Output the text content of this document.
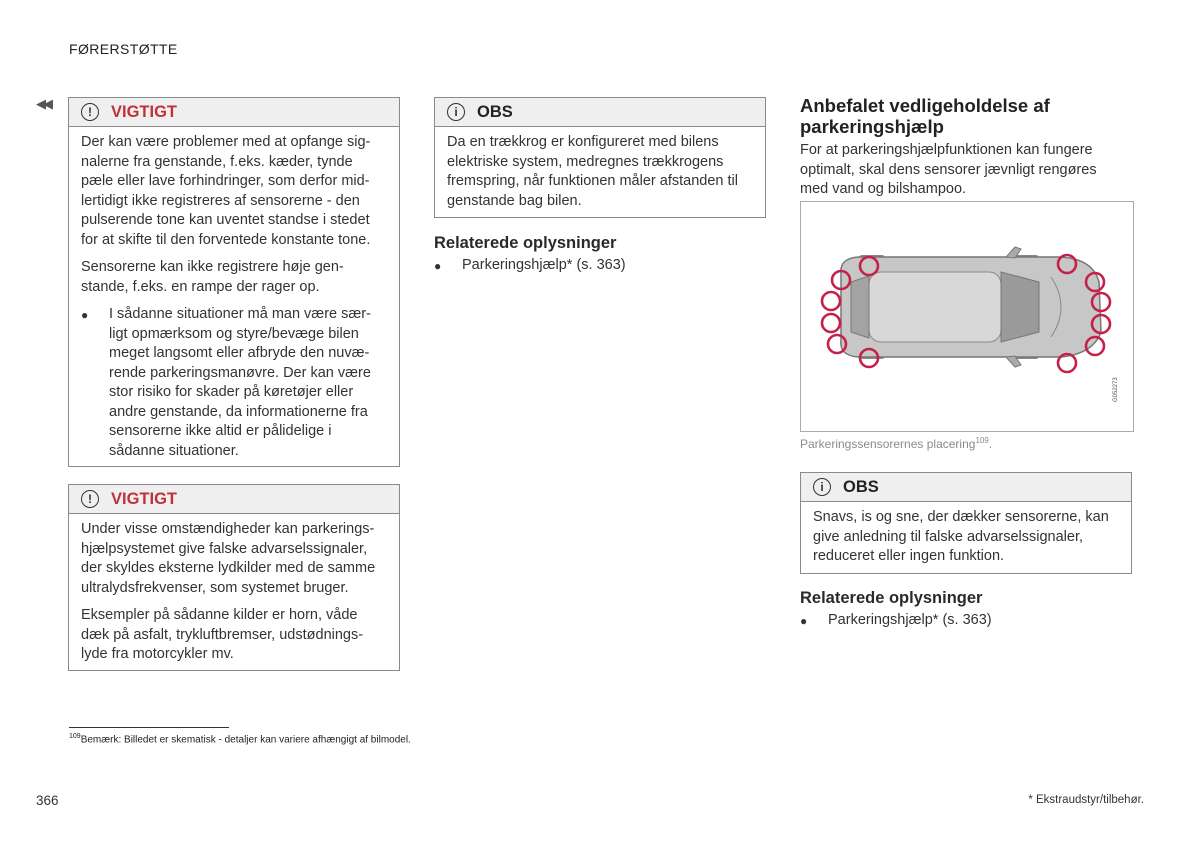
FØRERSTØTTE
◀◀
!	VIGTIGT

Der kan være problemer med at opfange sig-nalerne fra genstande, f.eks. kæder, tynde pæle eller lave forhindringer, som derfor mid-lertidigt ikke registreres af sensorerne - den pulserende tone kan uventet standse i stedet for at skifte til den forventede konstante tone.

Sensorerne kan ikke registrere høje gen-stande, f.eks. en rampe der rager op.

●	I sådanne situationer må man være sær-ligt opmærksom og styre/bevæge bilen meget langsomt eller afbryde den nuvæ-rende parkeringsmanøvre. Der kan være stor risiko for skader på køretøjer eller andre genstande, da informationerne fra sensorerne ikke altid er pålidelige i sådanne situationer.
!	VIGTIGT

Under visse omstændigheder kan parkerings-hjælpsystemet give falske advarselssignaler, der skyldes eksterne lydkilder med de samme ultralydsfrekvenser, som systemet bruger.

Eksempler på sådanne kilder er horn, våde dæk på asfalt, trykluftbremser, udstødnings-lyde fra motorcykler mv.

i	OBS

Da en trækkrog er konfigureret med bilens elektriske system, medregnes trækkrogens fremspring, når funktionen måler afstanden til genstande bag bilen.

Relaterede oplysninger
●	Parkeringshjælp* (s. 363)
Anbefalet vedligeholdelse af parkeringshjælp
For at parkeringshjælpfunktionen kan fungere optimalt, skal dens sensorer jævnligt rengøres med vand og bilshampoo.
G052273
Parkeringssensorernes placering$^{109}$.
i	OBS

Snavs, is og sne, der dækker sensorerne, kan give anledning til falske advarselssignaler, reduceret eller ingen funktion.

Relaterede oplysninger
●	Parkeringshjælp* (s. 363)
$^{109}$Bemærk: Billedet er skematisk - detaljer kan variere afhængigt af bilmodel.
366	* Ekstraudstyr/tilbehør.
